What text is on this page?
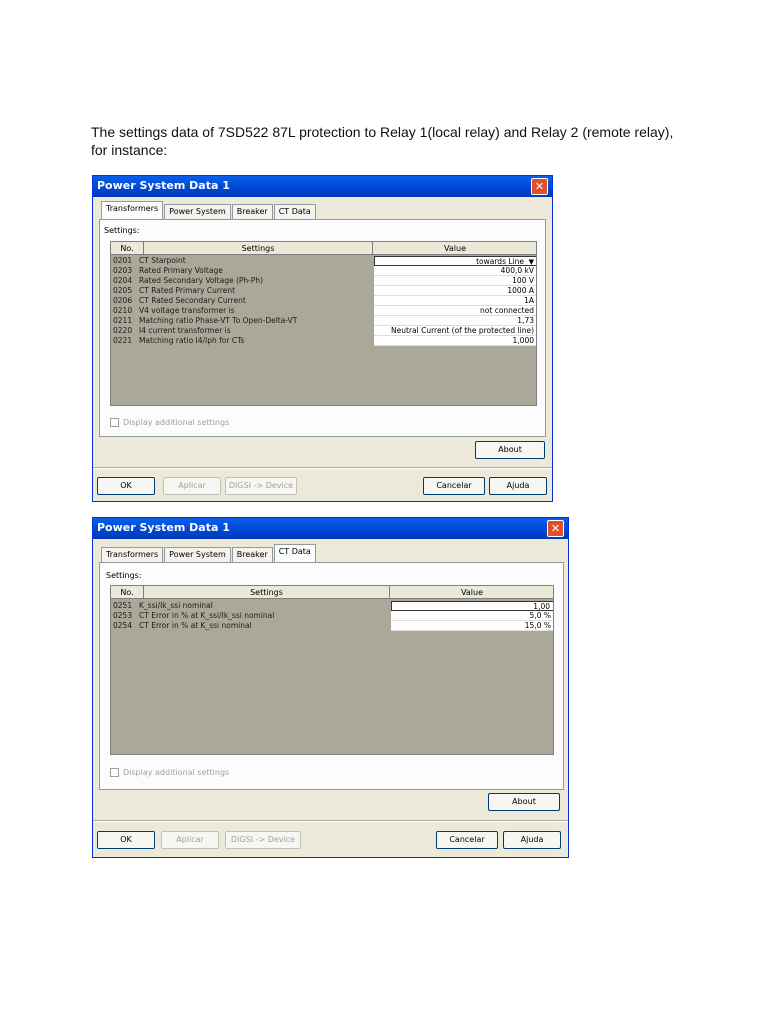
The settings data of 7SD522 87L protection to Relay 1(local relay) and Relay 2 (remote relay),
for instance:

Power System Data 1	✕
Transformers	Power System	Breaker	CT Data
Settings:
No.	Settings	Value
0201 CT Starpoint	towards Line ▼
0203 Rated Primary Voltage	400,0 kV
0204 Rated Secondary Voltage (Ph-Ph)	100 V
0205 CT Rated Primary Current	1000 A
0206 CT Rated Secondary Current	1A
0210 V4 voltage transformer is	not connected
0211 Matching ratio Phase-VT To Open-Delta-VT	1,73
0220 I4 current transformer is	Neutral Current (of the protected line)
0221 Matching ratio I4/Iph for CTs	1,000
Display additional settings
About
OK	Aplicar	DIGSI -> Device	Cancelar	Ajuda
Power System Data 1	✕
Transformers	Power System	Breaker	CT Data
Settings:
No.	Settings	Value
0251 K_ssi/Ik_ssi nominal	1,00
0253 CT Error in % at K_ssi/Ik_ssi nominal	5,0 %
0254 CT Error in % at K_ssi nominal	15,0 %
Display additional settings
About
OK	Aplicar	DIGSI -> Device	Cancelar	Ajuda
